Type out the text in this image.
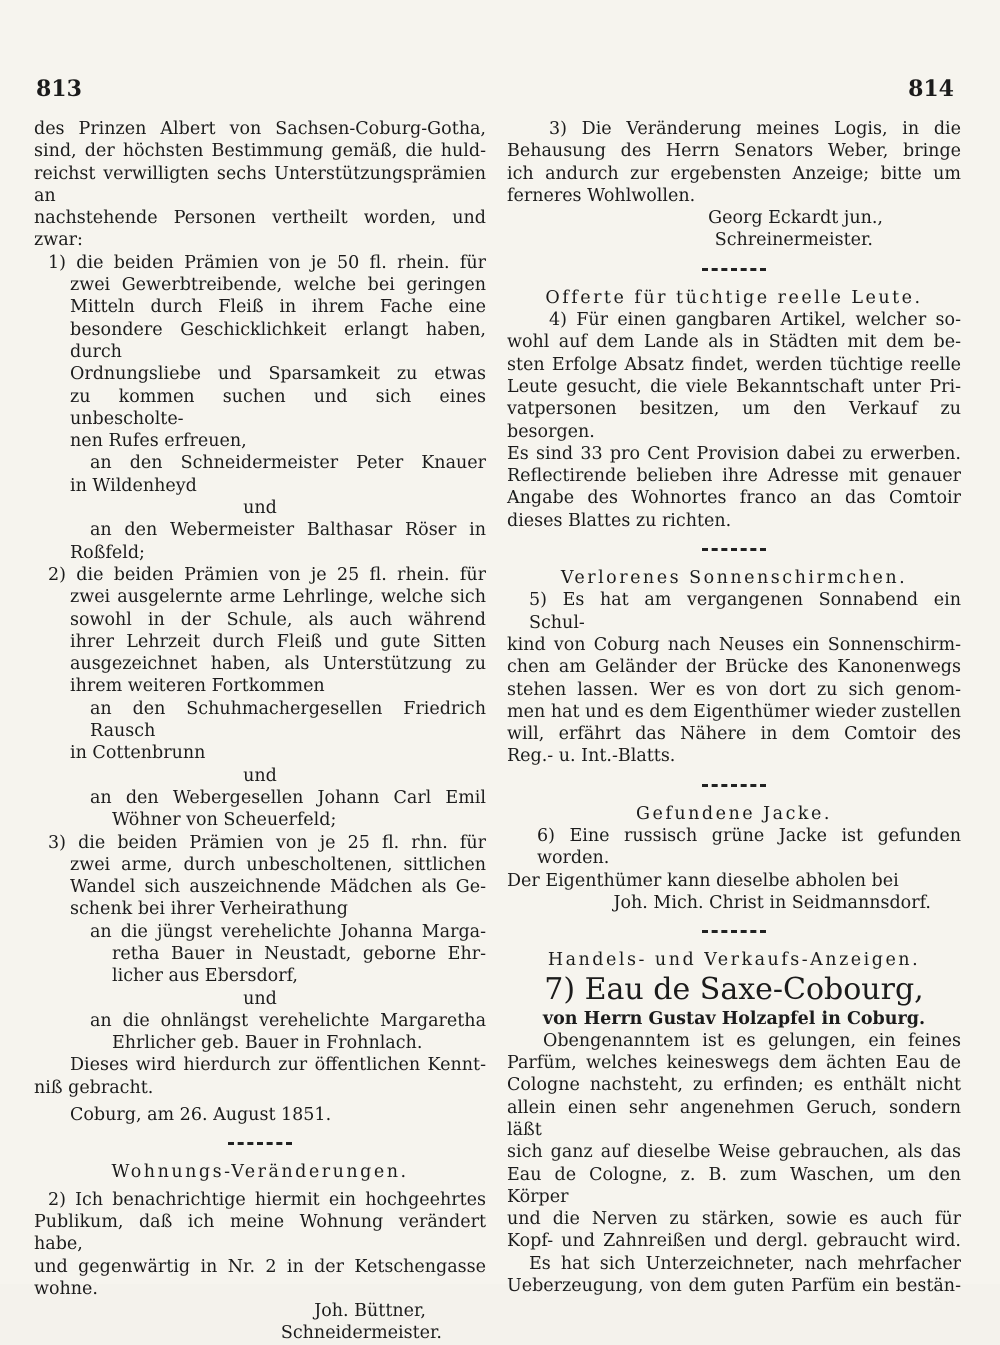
813	814

des Prinzen Albert von Sachsen-Coburg-Gotha,

sind, der höchsten Bestimmung gemäß, die huld-

reichst verwilligten sechs Unterstützungsprämien an

nachstehende Personen vertheilt worden, und zwar:

1) die beiden Prämien von je 50 fl. rhein. für

zwei Gewerbtreibende, welche bei geringen

Mitteln durch Fleiß in ihrem Fache eine

besondere Geschicklichkeit erlangt haben, durch

Ordnungsliebe und Sparsamkeit zu etwas

zu kommen suchen und sich eines unbescholte-

nen Rufes erfreuen,

an den Schneidermeister Peter Knauer

in Wildenheyd

und

an den Webermeister Balthasar Röser in

Roßfeld;

2) die beiden Prämien von je 25 fl. rhein. für

zwei ausgelernte arme Lehrlinge, welche sich

sowohl in der Schule, als auch während

ihrer Lehrzeit durch Fleiß und gute Sitten

ausgezeichnet haben, als Unterstützung zu

ihrem weiteren Fortkommen

an den Schuhmachergesellen Friedrich Rausch

in Cottenbrunn

und

an den Webergesellen Johann Carl Emil

Wöhner von Scheuerfeld;

3) die beiden Prämien von je 25 fl. rhn. für

zwei arme, durch unbescholtenen, sittlichen

Wandel sich auszeichnende Mädchen als Ge-

schenk bei ihrer Verheirathung

an die jüngst verehelichte Johanna Marga-

retha Bauer in Neustadt, geborne Ehr-

licher aus Ebersdorf,

und

an die ohnlängst verehelichte Margaretha

Ehrlicher geb. Bauer in Frohnlach.

Dieses wird hierdurch zur öffentlichen Kennt-

niß gebracht.

Coburg, am 26. August 1851.

Wohnungs-Veränderungen.

2) Ich benachrichtige hiermit ein hochgeehrtes

Publikum, daß ich meine Wohnung verändert habe,

und gegenwärtig in Nr. 2 in der Ketschengasse

wohne.

Joh. Büttner,

Schneidermeister.

3) Die Veränderung meines Logis, in die

Behausung des Herrn Senators Weber, bringe

ich andurch zur ergebensten Anzeige; bitte um

ferneres Wohlwollen.

Georg Eckardt jun.,

Schreinermeister.

Offerte für tüchtige reelle Leute.

4) Für einen gangbaren Artikel, welcher so-

wohl auf dem Lande als in Städten mit dem be-

sten Erfolge Absatz findet, werden tüchtige reelle

Leute gesucht, die viele Bekanntschaft unter Pri-

vatpersonen besitzen, um den Verkauf zu besorgen.

Es sind 33 pro Cent Provision dabei zu erwerben.

Reflectirende belieben ihre Adresse mit genauer

Angabe des Wohnortes franco an das Comtoir

dieses Blattes zu richten.

Verlorenes Sonnenschirmchen.

5) Es hat am vergangenen Sonnabend ein Schul-

kind von Coburg nach Neuses ein Sonnenschirm-

chen am Geländer der Brücke des Kanonenwegs

stehen lassen. Wer es von dort zu sich genom-

men hat und es dem Eigenthümer wieder zustellen

will, erfährt das Nähere in dem Comtoir des

Reg.- u. Int.-Blatts.

Gefundene Jacke.

6) Eine russisch grüne Jacke ist gefunden worden.

Der Eigenthümer kann dieselbe abholen bei

Joh. Mich. Christ in Seidmannsdorf.

Handels- und Verkaufs-Anzeigen.

7) Eau de Saxe-Cobourg,

von Herrn Gustav Holzapfel in Coburg.

Obengenanntem ist es gelungen, ein feines

Parfüm, welches keineswegs dem ächten Eau de

Cologne nachsteht, zu erfinden; es enthält nicht

allein einen sehr angenehmen Geruch, sondern läßt

sich ganz auf dieselbe Weise gebrauchen, als das

Eau de Cologne, z. B. zum Waschen, um den Körper

und die Nerven zu stärken, sowie es auch für

Kopf- und Zahnreißen und dergl. gebraucht wird.

Es hat sich Unterzeichneter, nach mehrfacher

Ueberzeugung, von dem guten Parfüm ein bestän-
